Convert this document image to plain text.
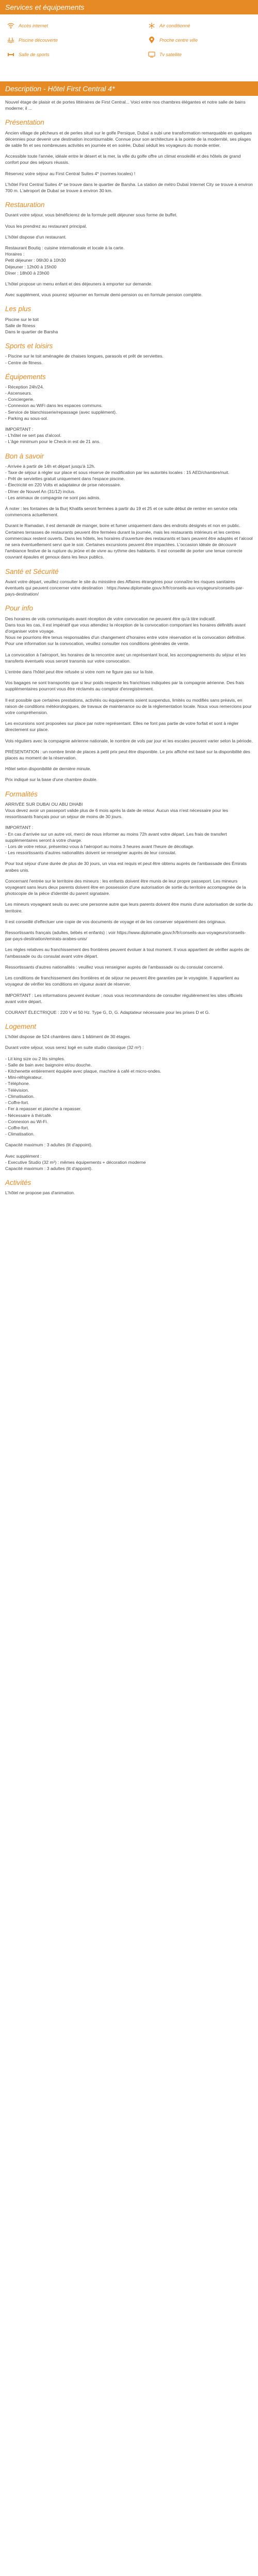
Services et équipements
Accès internet	Air conditionné
Piscine découverte	Proche centre ville
Salle de sports	Tv satellite
Description - Hôtel First Central 4*

Nouvel étage de plaisir et de portes littéraires de First Central... Voici entre nos chambres élégantes et notre salle de bains moderne; il ...

Présentation

Ancien village de pêcheurs et de perles situé sur le golfe Persique, Dubaï a subi une transformation remarquable en quelques décennies pour devenir une destination incontournable. Connue pour son architecture à la pointe de la modernité, ses plages de sable fin et ses nombreuses activités en journée et en soirée, Dubaï séduit les voyageurs du monde entier.

Accessible toute l'année, idéale entre le désert et la mer, la ville du golfe offre un climat ensoleillé et des hôtels de grand confort pour des séjours réussis.

Réservez votre séjour au First Central Suites 4* (normes locales) !

L'hôtel First Central Suites 4* se trouve dans le quartier de Barsha. La station de métro Dubaï Internet City se trouve à environ 700 m. L'aéroport de Dubaï se trouve à environ 30 km.

Restauration

Durant votre séjour, vous bénéficierez de la formule petit déjeuner sous forme de buffet.

Vous les prendrez au restaurant principal.

L'hôtel dispose d'un restaurant.

Restaurant Boutiq : cuisine internationale et locale à la carte.
Horaires :
Petit déjeuner : 06h30 à 10h30
Déjeuner : 12h00 à 15h00
Dîner : 18h00 à 23h00

L'hôtel propose un menu enfant et des déjeuners à emporter sur demande.

Avec supplément, vous pourrez séjourner en formule demi-pension ou en formule pension complète.

Les plus

Piscine sur le toit
Salle de fitness
Dans le quartier de Barsha

Sports et loisirs

- Piscine sur le toit aménagée de chaises longues, parasols et prêt de serviettes.
- Centre de fitness.

Équipements

- Réception 24h/24.
- Ascenseurs.
- Conciergerie.
- Connexion au WiFi dans les espaces communs.
- Service de blanchisserie/repassage (avec supplément).
- Parking au sous-sol.

IMPORTANT :
- L'hôtel ne sert pas d'alcool.
- L'âge minimum pour le Check-in est de 21 ans.

Bon à savoir

- Arrivée à partir de 14h et départ jusqu'à 12h.
- Taxe de séjour à régler sur place et sous réserve de modification par les autorités locales : 15 AED/chambre/nuit.
- Prêt de serviettes gratuit uniquement dans l'espace piscine.
- Électricité en 220 Volts et adaptateur de prise nécessaire.
- Dîner de Nouvel An (31/12) inclus.
- Les animaux de compagnie ne sont pas admis.

À noter : les fontaines de la Burj Khalifa seront fermées à partir du 19 et 25 et ce suite début de rentrer en service cela commencera actuellement.

Durant le Ramadan, il est demandé de manger, boire et fumer uniquement dans des endroits désignés et non en public. Certaines terrasses de restaurants peuvent être fermées durant la journée, mais les restaurants intérieurs et les centres commerciaux restent ouverts. Dans les hôtels, les horaires d'ouverture des restaurants et bars peuvent être adaptés et l'alcool ne sera éventuellement servi que le soir. Certaines excursions peuvent être impactées. L'occasion idéale de découvrir l'ambiance festive de la rupture du jeûne et de vivre au rythme des habitants. Il est conseillé de porter une tenue correcte couvrant épaules et genoux dans les lieux publics.

Santé et Sécurité

Avant votre départ, veuillez consulter le site du ministère des Affaires étrangères pour connaître les risques sanitaires éventuels qui peuvent concerner votre destination : https://www.diplomatie.gouv.fr/fr/conseils-aux-voyageurs/conseils-par-pays-destination/

Pour info

Des horaires de vols communiqués avant réception de votre convocation ne peuvent être qu'à titre indicatif.
Dans tous les cas, il est impératif que vous attendiez la réception de la convocation comportant les horaires définitifs avant d'organiser votre voyage.
Nous ne pourrions être tenus responsables d'un changement d'horaires entre votre réservation et la convocation définitive.
Pour une information sur la convocation, veuillez consulter nos conditions générales de vente.

La convocation à l'aéroport, les horaires de la rencontre avec un représentant local, les accompagnements du séjour et les transferts éventuels vous seront transmis sur votre convocation.

L'entrée dans l'hôtel peut être refusée si votre nom ne figure pas sur la liste.

Vos bagages ne sont transportés que si leur poids respecte les franchises indiquées par la compagnie aérienne. Des frais supplémentaires pourront vous être réclamés au comptoir d'enregistrement.

Il est possible que certaines prestations, activités ou équipements soient suspendus, limités ou modifiés sans préavis, en raison de conditions météorologiques, de travaux de maintenance ou de la réglementation locale. Nous vous remercions pour votre compréhension.

Les excursions sont proposées sur place par notre représentant. Elles ne font pas partie de votre forfait et sont à régler directement sur place.

Vols réguliers avec la compagnie aérienne nationale, le nombre de vols par jour et les escales peuvent varier selon la période.

PRÉSENTATION : un nombre limité de places à petit prix peut être disponible. Le prix affiché est basé sur la disponibilité des places au moment de la réservation.

Hôtel selon disponibilité de dernière minute.

Prix indiqué sur la base d'une chambre double.

Formalités

ARRIVÉE SUR DUBAI OU ABU DHABI
Vous devez avoir un passeport valide plus de 6 mois après la date de retour. Aucun visa n'est nécessaire pour les ressortissants français pour un séjour de moins de 30 jours.

IMPORTANT :
- En cas d'arrivée sur un autre vol, merci de nous informer au moins 72h avant votre départ. Les frais de transfert supplémentaires seront à votre charge.
- Lors de votre retour, présentez-vous à l'aéroport au moins 3 heures avant l'heure de décollage.
- Les ressortissants d'autres nationalités doivent se renseigner auprès de leur consulat.

Pour tout séjour d'une durée de plus de 30 jours, un visa est requis et peut être obtenu auprès de l'ambassade des Émirats arabes unis.

Concernant l'entrée sur le territoire des mineurs : les enfants doivent être munis de leur propre passeport. Les mineurs voyageant sans leurs deux parents doivent être en possession d'une autorisation de sortie du territoire accompagnée de la photocopie de la pièce d'identité du parent signataire.

Les mineurs voyageant seuls ou avec une personne autre que leurs parents doivent être munis d'une autorisation de sortie du territoire.

Il est conseillé d'effectuer une copie de vos documents de voyage et de les conserver séparément des originaux.

Ressortissants français (adultes, bébés et enfants) : voir https://www.diplomatie.gouv.fr/fr/conseils-aux-voyageurs/conseils-par-pays-destination/emirats-arabes-unis/

Les règles relatives au franchissement des frontières peuvent évoluer à tout moment. Il vous appartient de vérifier auprès de l'ambassade ou du consulat avant votre départ.

Ressortissants d'autres nationalités : veuillez vous renseigner auprès de l'ambassade ou du consulat concerné.

Les conditions de franchissement des frontières et de séjour ne peuvent être garanties par le voyagiste. Il appartient au voyageur de vérifier les conditions en vigueur avant de réserver.

IMPORTANT : Les informations peuvent évoluer ; nous vous recommandons de consulter régulièrement les sites officiels avant votre départ.

COURANT ÉLECTRIQUE : 220 V et 50 Hz. Type G, D, G. Adaptateur nécessaire pour les prises D et G.

Logement

L'hôtel dispose de 524 chambres dans 1 bâtiment de 30 étages.

Durant votre séjour, vous serez logé en suite studio classique (32 m²) :

- Lit king size ou 2 lits simples.
- Salle de bain avec baignoire et/ou douche.
- Kitchenette entièrement équipée avec plaque, machine à café et micro-ondes.
- Mini-réfrigérateur.
- Téléphone.
- Télévision.
- Climatisation.
- Coffre-fort.
- Fer à repasser et planche à repasser.
- Nécessaire à thé/café.
- Connexion au Wi-Fi.
- Coffre-fort.
- Climatisation.

Capacité maximum : 3 adultes (lit d'appoint).

Avec supplément :
- Executive Studio (32 m²) : mêmes équipements + décoration moderne
Capacité maximum : 3 adultes (lit d'appoint).

Activités

L'hôtel ne propose pas d'animation.
